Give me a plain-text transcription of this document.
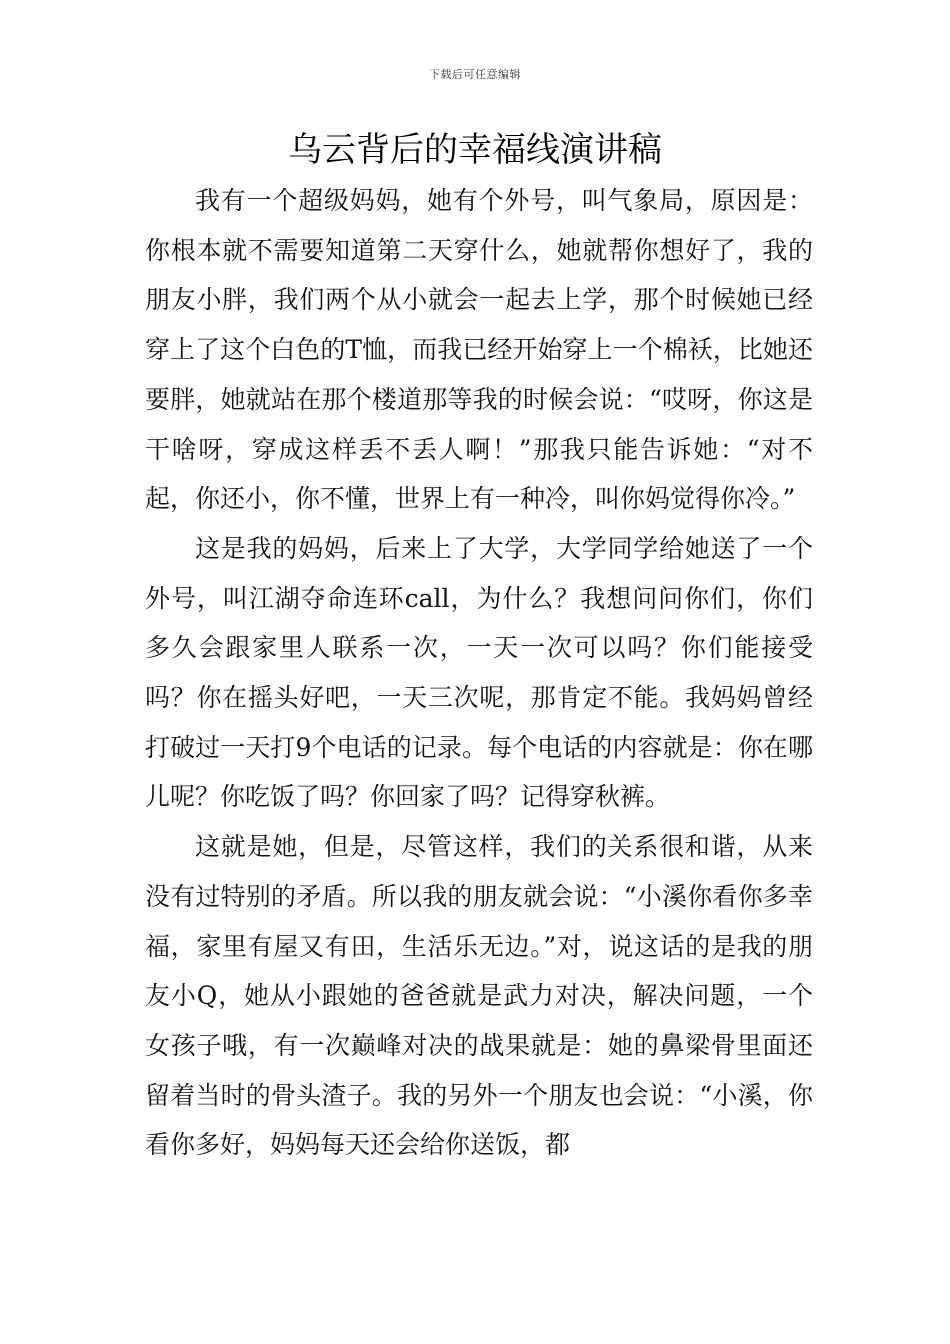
下载后可任意编辑
乌云背后的幸福线演讲稿

我有一个超级妈妈，她有个外号，叫气象局，原因是：你根本就不需要知道第二天穿什么，她就帮你想好了，我的朋友小胖，我们两个从小就会一起去上学，那个时候她已经穿上了这个白色的T恤，而我已经开始穿上一个棉袄，比她还要胖，她就站在那个楼道那等我的时候会说：“哎呀，你这是干啥呀，穿成这样丢不丢人啊！”那我只能告诉她：“对不起，你还小，你不懂，世界上有一种冷，叫你妈觉得你冷。”

这是我的妈妈，后来上了大学，大学同学给她送了一个外号，叫江湖夺命连环call，为什么？我想问问你们，你们多久会跟家里人联系一次，一天一次可以吗？你们能接受吗？你在摇头好吧，一天三次呢，那肯定不能。我妈妈曾经打破过一天打9个电话的记录。每个电话的内容就是：你在哪儿呢？你吃饭了吗？你回家了吗？记得穿秋裤。

这就是她，但是，尽管这样，我们的关系很和谐，从来没有过特别的矛盾。所以我的朋友就会说：“小溪你看你多幸福，家里有屋又有田，生活乐无边。”对，说这话的是我的朋友小Q，她从小跟她的爸爸就是武力对决，解决问题，一个女孩子哦，有一次巅峰对决的战果就是：她的鼻梁骨里面还留着当时的骨头渣子。我的另外一个朋友也会说：“小溪，你看你多好，妈妈每天还会给你送饭，都
